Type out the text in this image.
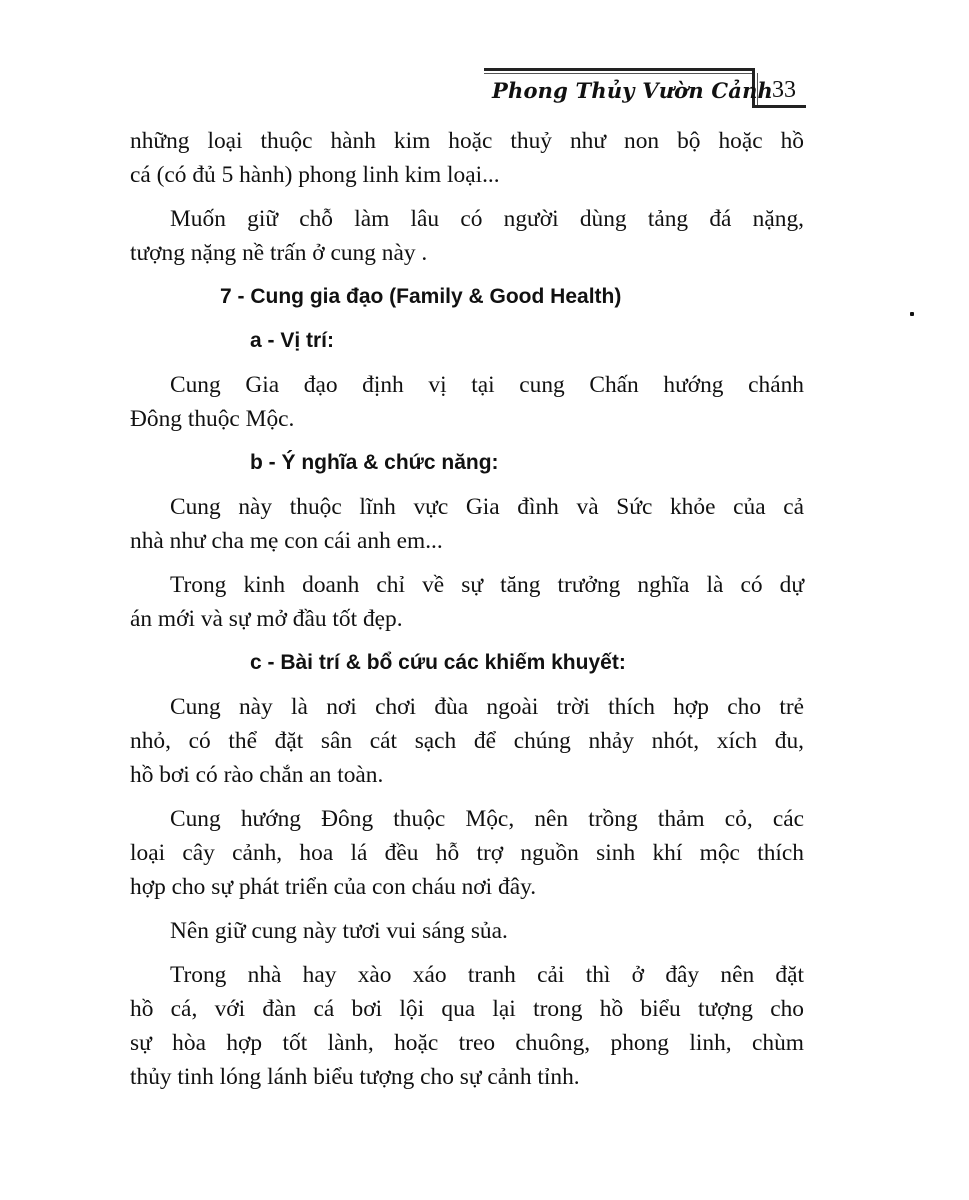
Phong Thủy Vườn Cảnh
33

những loại thuộc hành kim hoặc thuỷ như non bộ hoặc hồ
cá (có đủ 5 hành) phong linh kim loại...

Muốn giữ chỗ làm lâu có người dùng tảng đá nặng,
tượng nặng nề trấn ở cung này .

7 - Cung gia đạo (Family & Good Health)
a - Vị trí:

Cung Gia đạo định vị tại cung Chấn hướng chánh
Đông thuộc Mộc.

b - Ý nghĩa & chức năng:

Cung này thuộc lĩnh vực Gia đình và Sức khỏe của cả
nhà như cha mẹ con cái anh em...

Trong kinh doanh chỉ về sự tăng trưởng nghĩa là có dự
án mới và sự mở đầu tốt đẹp.

c - Bài trí & bổ cứu các khiếm khuyết:

Cung này là nơi chơi đùa ngoài trời thích hợp cho trẻ
nhỏ, có thể đặt sân cát sạch để chúng nhảy nhót, xích đu,
hồ bơi có rào chắn an toàn.

Cung hướng Đông thuộc Mộc, nên trồng thảm cỏ, các
loại cây cảnh, hoa lá đều hỗ trợ nguồn sinh khí mộc thích
hợp cho sự phát triển của con cháu nơi đây.

Nên giữ cung này tươi vui sáng sủa.

Trong nhà hay xào xáo tranh cải thì ở đây nên đặt
hồ cá, với đàn cá bơi lội qua lại trong hồ biểu tượng cho
sự hòa hợp tốt lành, hoặc treo chuông, phong linh, chùm
thủy tinh lóng lánh biểu tượng cho sự cảnh tỉnh.
